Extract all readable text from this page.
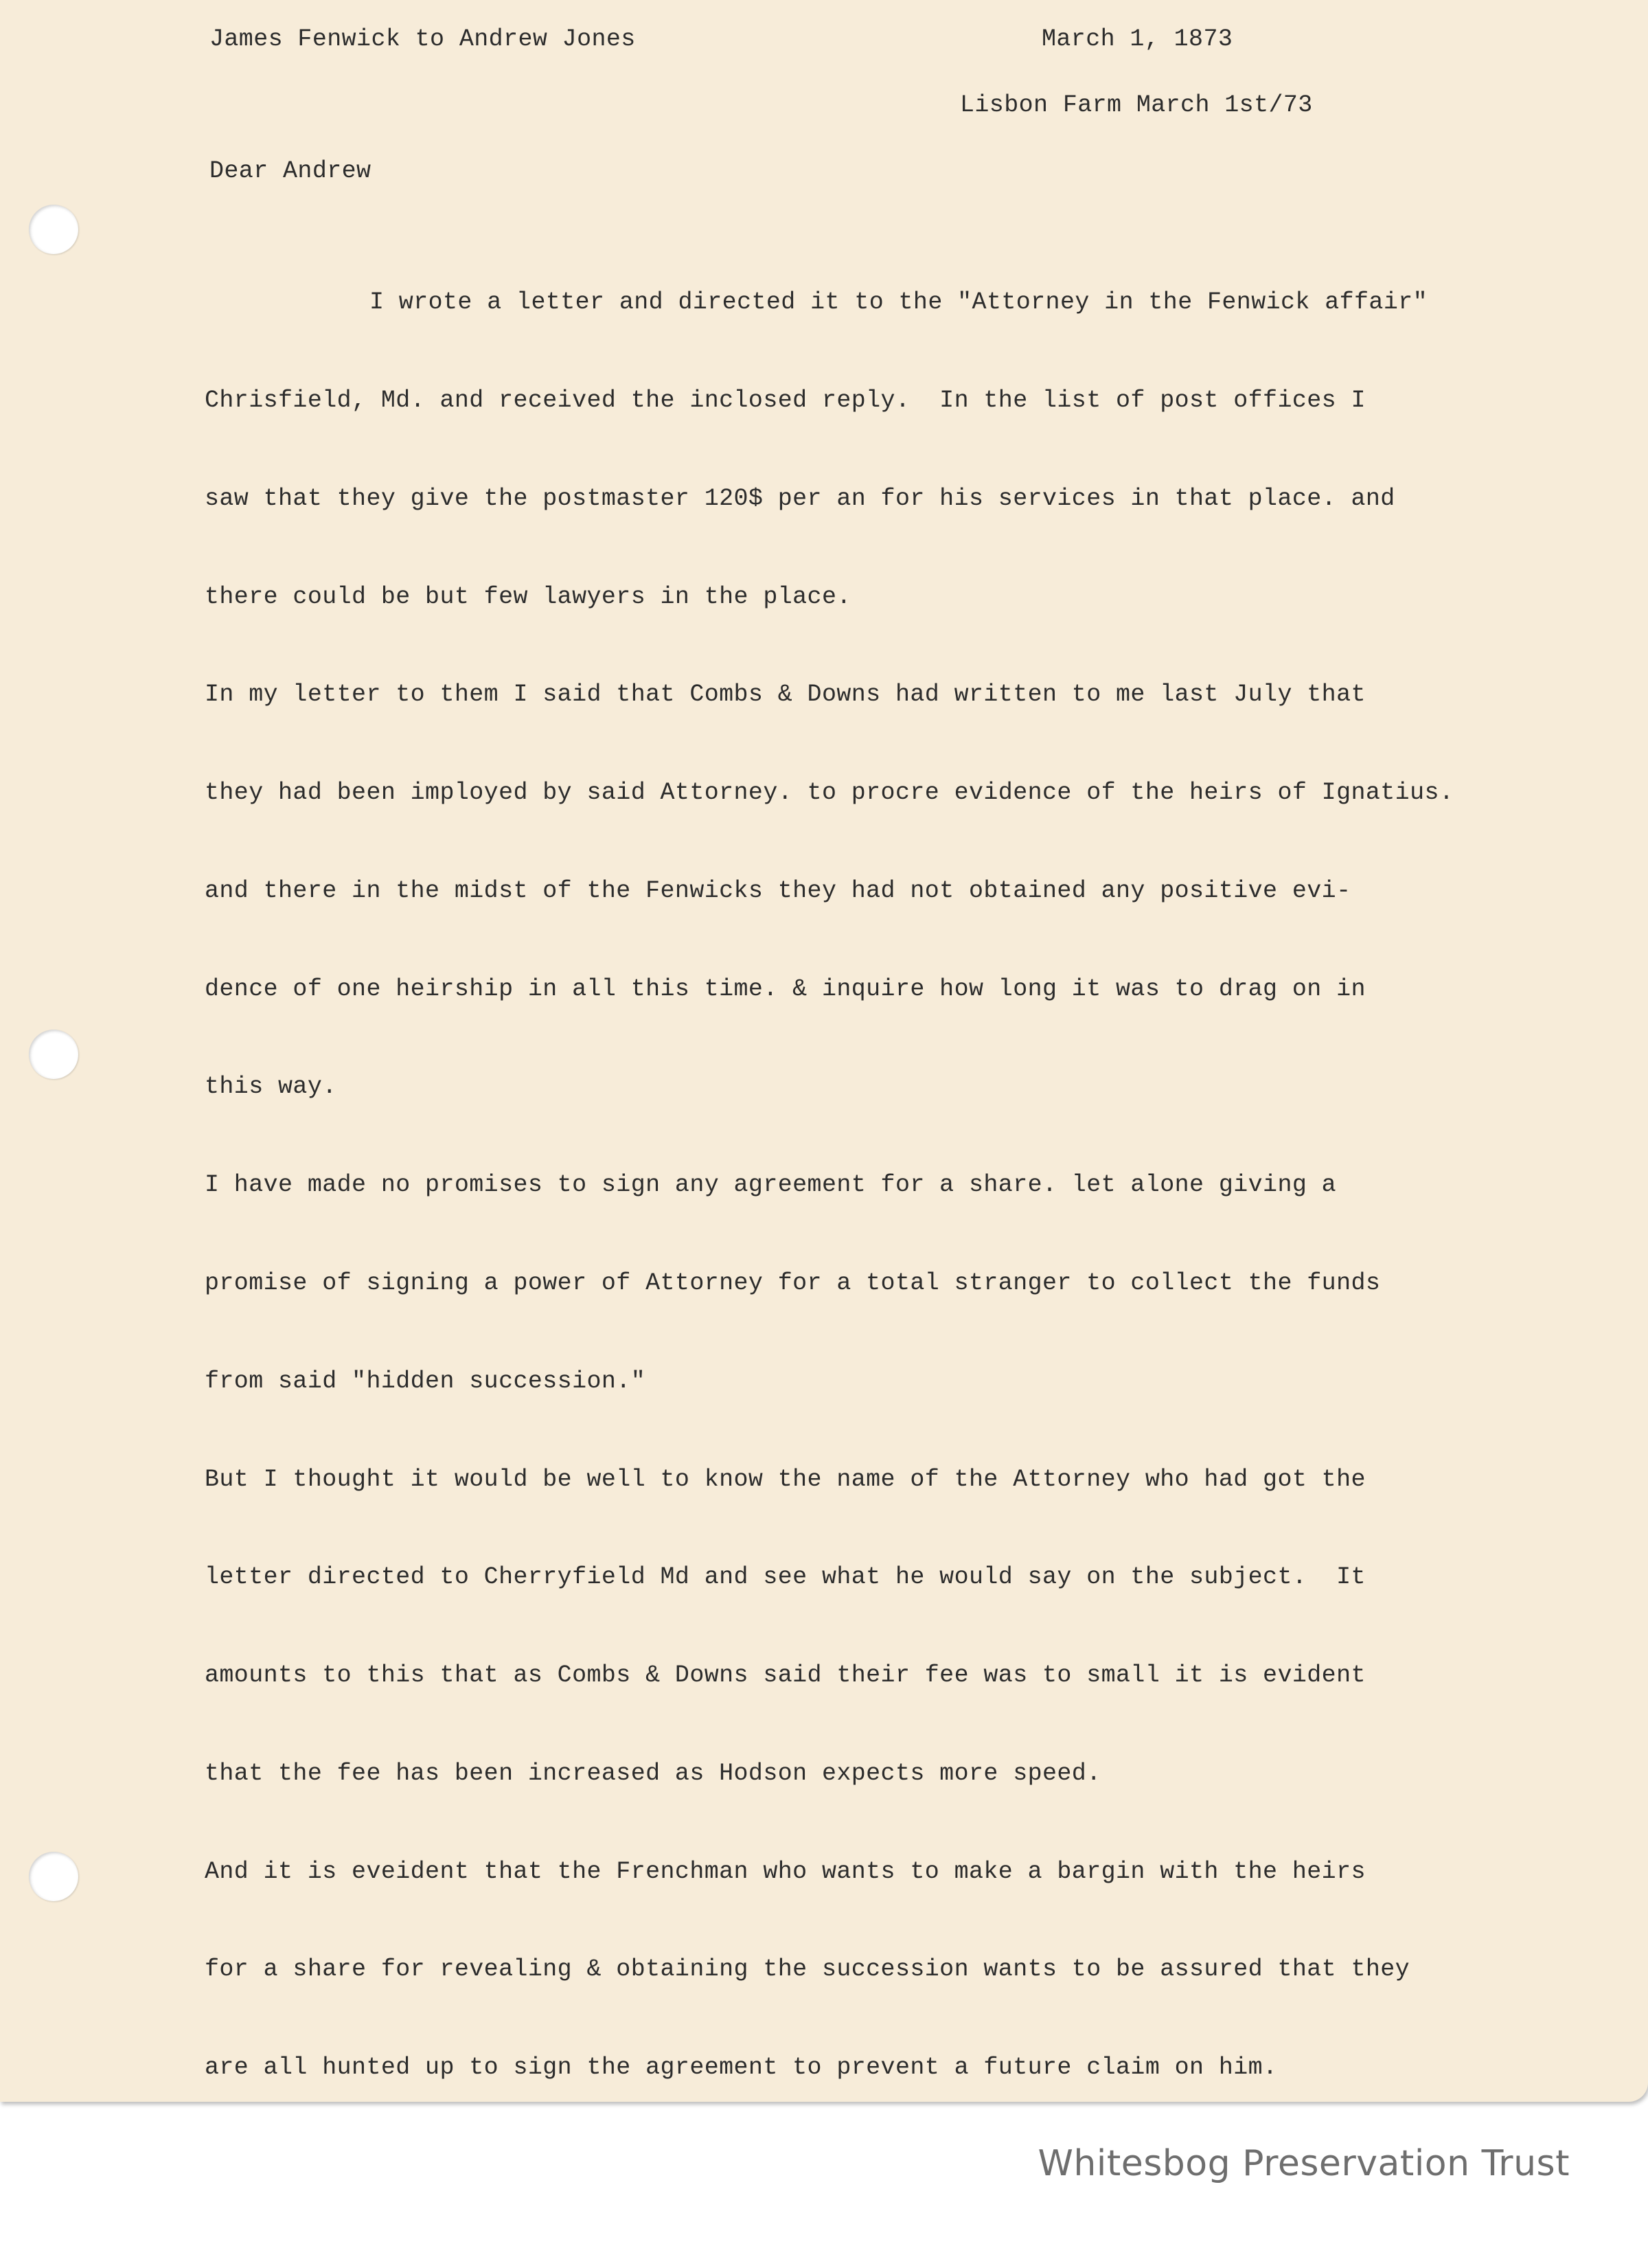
James Fenwick to Andrew Jones	March 1, 1873
Lisbon Farm March 1st/73
Dear Andrew

I wrote a letter and directed it to the "Attorney in the Fenwick affair"

Chrisfield, Md. and received the inclosed reply.  In the list of post offices I

saw that they give the postmaster 120$ per an for his services in that place. and

there could be but few lawyers in the place.

In my letter to them I said that Combs & Downs had written to me last July that

they had been imployed by said Attorney. to procre evidence of the heirs of Ignatius.

and there in the midst of the Fenwicks they had not obtained any positive evi-

dence of one heirship in all this time. & inquire how long it was to drag on in

this way.

I have made no promises to sign any agreement for a share. let alone giving a

promise of signing a power of Attorney for a total stranger to collect the funds

from said "hidden succession."

But I thought it would be well to know the name of the Attorney who had got the

letter directed to Cherryfield Md and see what he would say on the subject.  It

amounts to this that as Combs & Downs said their fee was to small it is evident

that the fee has been increased as Hodson expects more speed.

And it is eveident that the Frenchman who wants to make a bargin with the heirs

for a share for revealing & obtaining the succession wants to be assured that they

are all hunted up to sign the agreement to prevent a future claim on him.

Whitesbog Preservation Trust
